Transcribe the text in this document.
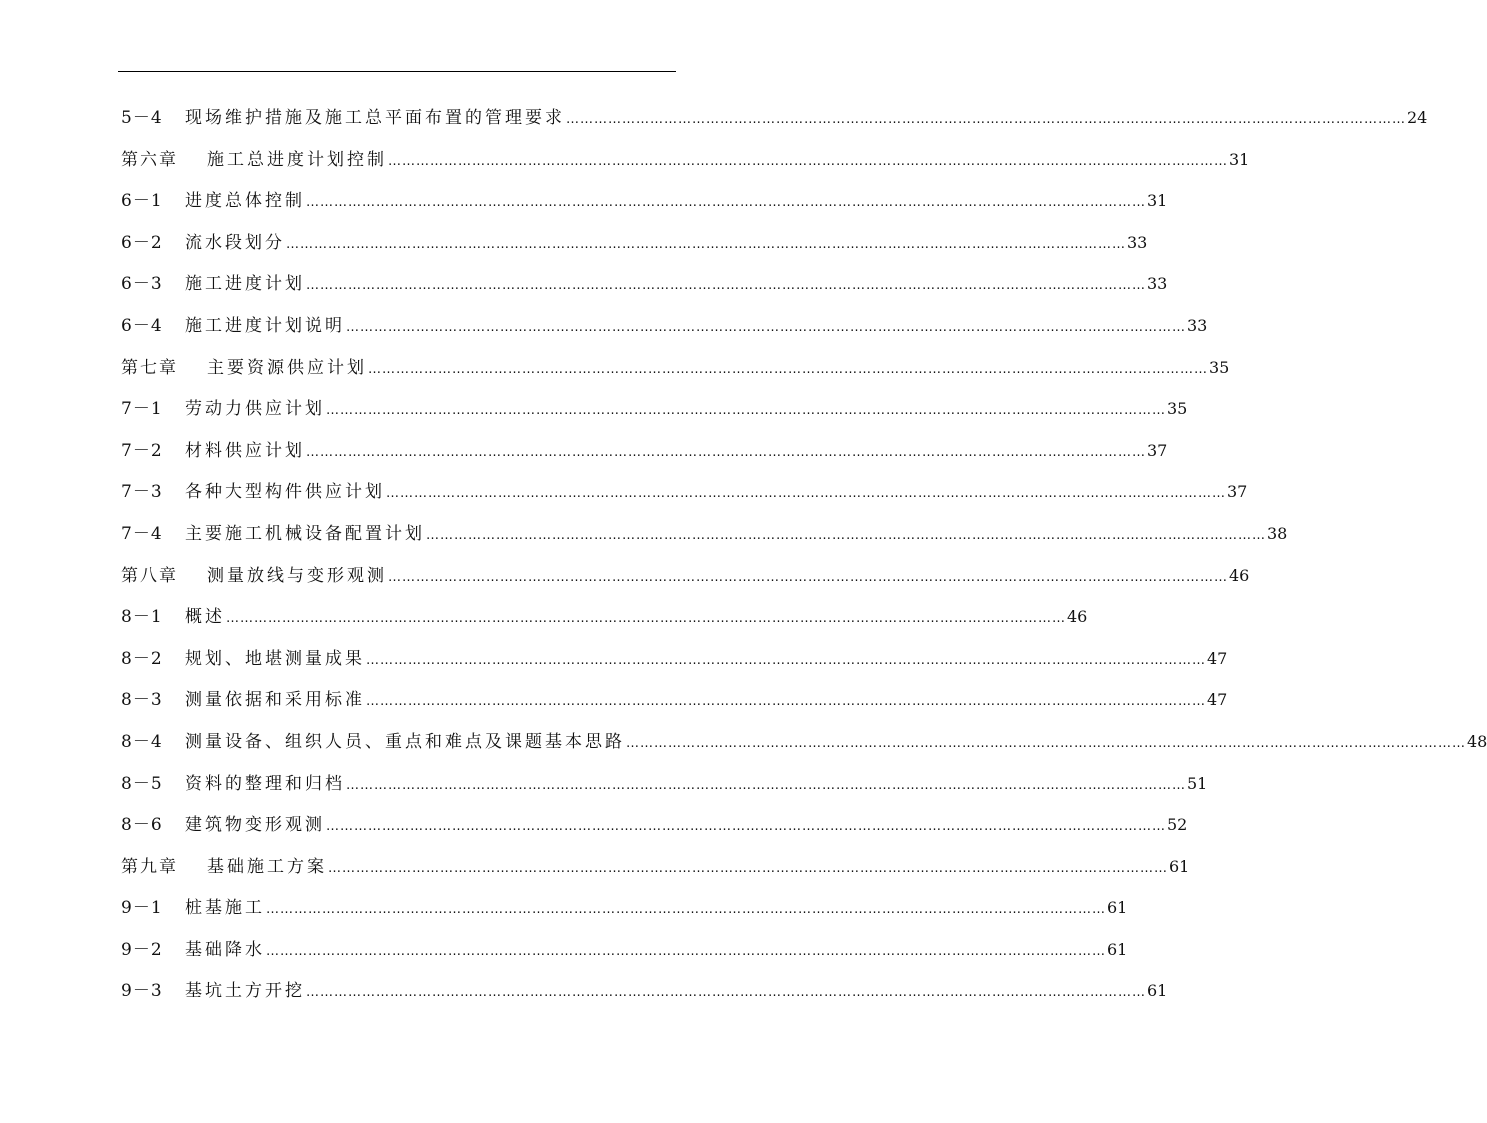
5－4	现场维护措施及施工总平面布置的管理要求 ……………………………………………………………………………………………………………………………………………………………… 24
第六章	施工总进度计划控制 ……………………………………………………………………………………………………………………………………………………………… 31
6－1	进度总体控制 ……………………………………………………………………………………………………………………………………………………………… 31
6－2	流水段划分 ……………………………………………………………………………………………………………………………………………………………… 33
6－3	施工进度计划 ……………………………………………………………………………………………………………………………………………………………… 33
6－4	施工进度计划说明 ……………………………………………………………………………………………………………………………………………………………… 33
第七章	主要资源供应计划 ……………………………………………………………………………………………………………………………………………………………… 35
7－1	劳动力供应计划 ……………………………………………………………………………………………………………………………………………………………… 35
7－2	材料供应计划 ……………………………………………………………………………………………………………………………………………………………… 37
7－3	各种大型构件供应计划 ……………………………………………………………………………………………………………………………………………………………… 37
7－4	主要施工机械设备配置计划 ……………………………………………………………………………………………………………………………………………………………… 38
第八章	测量放线与变形观测 ……………………………………………………………………………………………………………………………………………………………… 46
8－1	概述 ……………………………………………………………………………………………………………………………………………………………… 46
8－2	规划、地堪测量成果 ……………………………………………………………………………………………………………………………………………………………… 47
8－3	测量依据和采用标准 ……………………………………………………………………………………………………………………………………………………………… 47
8－4	测量设备、组织人员、重点和难点及课题基本思路 ……………………………………………………………………………………………………………………………………………………………… 48
8－5	资料的整理和归档 ……………………………………………………………………………………………………………………………………………………………… 51
8－6	建筑物变形观测 ……………………………………………………………………………………………………………………………………………………………… 52
第九章	基础施工方案 ……………………………………………………………………………………………………………………………………………………………… 61
9－1	桩基施工 ……………………………………………………………………………………………………………………………………………………………… 61
9－2	基础降水 ……………………………………………………………………………………………………………………………………………………………… 61
9－3	基坑土方开挖 ……………………………………………………………………………………………………………………………………………………………… 61
